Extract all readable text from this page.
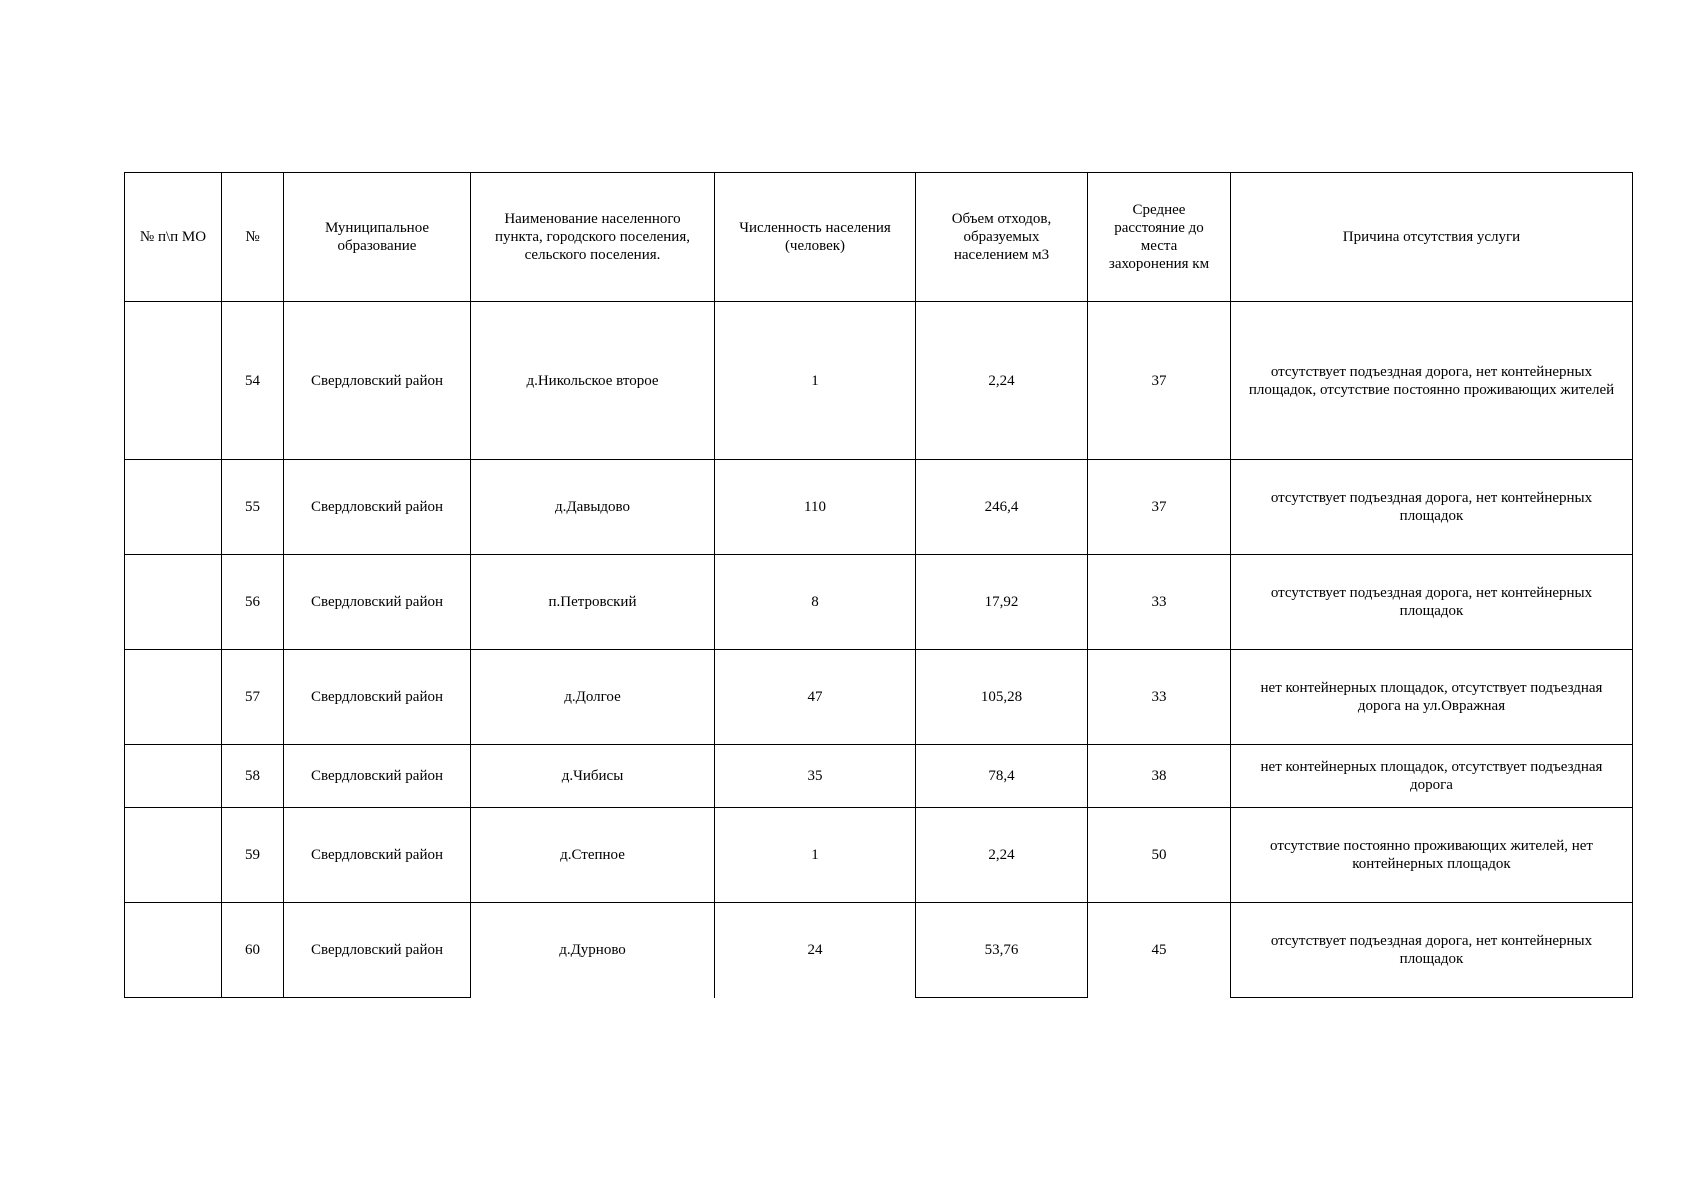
№ п\п МО	№	Муниципальное образование	Наименование населенного пункта, городского поселения, сельского поселения.	Численность населения (человек)	Объем отходов, образуемых населением м3	Среднее расстояние до места захоронения км	Причина отсутствия услуги
	54	Свердловский район	д.Никольское второе	1	2,24	37	отсутствует подъездная дорога, нет контейнерных площадок, отсутствие постоянно проживающих жителей
	55	Свердловский район	д.Давыдово	110	246,4	37	отсутствует подъездная дорога, нет контейнерных площадок
	56	Свердловский район	п.Петровский	8	17,92	33	отсутствует подъездная дорога, нет контейнерных площадок
	57	Свердловский район	д.Долгое	47	105,28	33	нет контейнерных площадок, отсутствует подъездная дорога на ул.Овражная
	58	Свердловский район	д.Чибисы	35	78,4	38	нет контейнерных площадок, отсутствует подъездная дорога
	59	Свердловский район	д.Степное	1	2,24	50	отсутствие постоянно проживающих жителей, нет контейнерных площадок
	60	Свердловский район	д.Дурново	24	53,76	45	отсутствует подъездная дорога, нет контейнерных площадок
